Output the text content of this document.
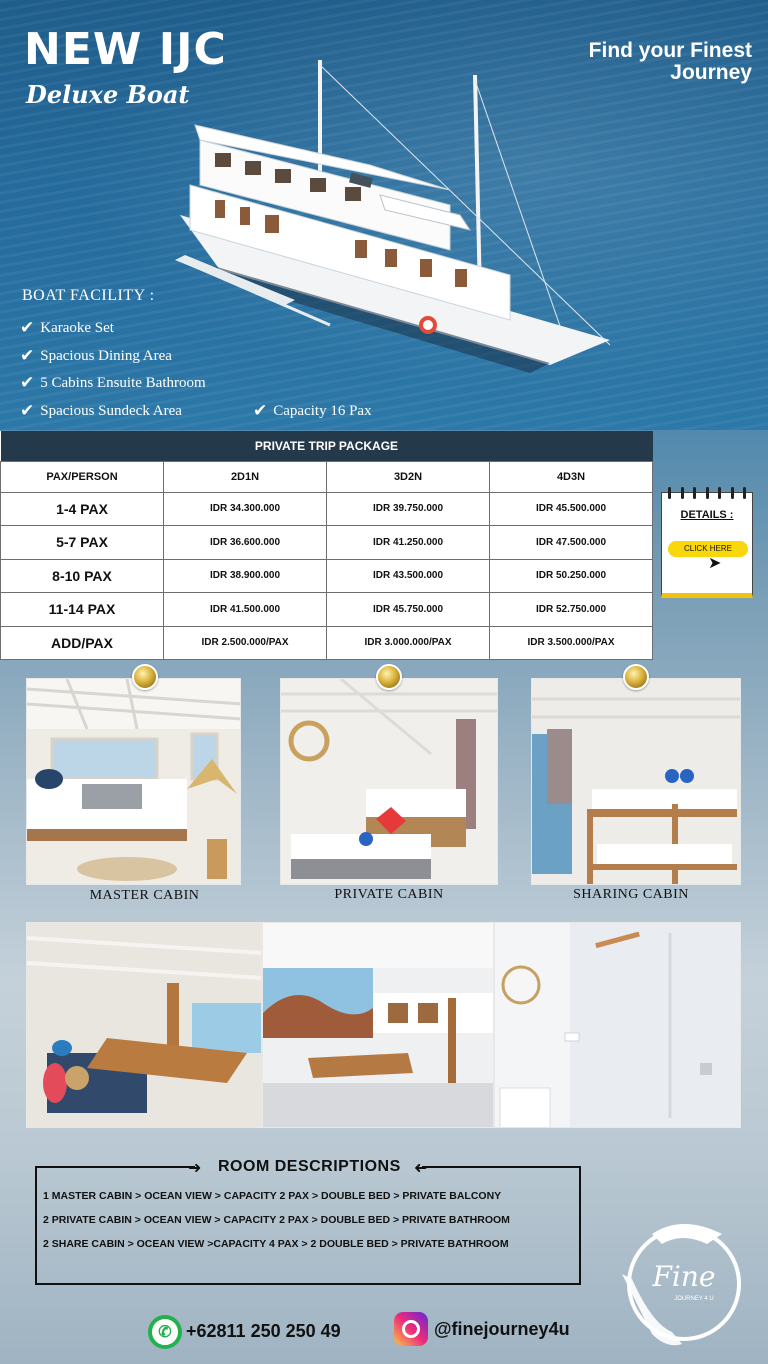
NEW IJC
Deluxe Boat
Find your Finest
Journey
BOAT FACILITY :
✔ Karaoke Set
✔ Spacious Dining Area
✔ 5 Cabins Ensuite Bathroom
✔ Spacious Sundeck Area	✔ Capacity 16 Pax
PRIVATE TRIP PACKAGE			
PAX/PERSON	2D1N	3D2N	4D3N
1-4 PAX	IDR 34.300.000	IDR 39.750.000	IDR 45.500.000
5-7 PAX	IDR 36.600.000	IDR 41.250.000	IDR 47.500.000
8-10 PAX	IDR 38.900.000	IDR 43.500.000	IDR 50.250.000
11-14 PAX	IDR 41.500.000	IDR 45.750.000	IDR 52.750.000
ADD/PAX	IDR 2.500.000/PAX	IDR 3.000.000/PAX	IDR 3.500.000/PAX
DETAILS :
CLICK HERE
➤
MASTER CABIN	PRIVATE CABIN	SHARING CABIN
➜ ROOM DESCRIPTIONS ➜
1 MASTER CABIN > OCEAN VIEW > CAPACITY 2 PAX > DOUBLE BED > PRIVATE BALCONY
2 PRIVATE CABIN > OCEAN VIEW > CAPACITY 2 PAX > DOUBLE BED > PRIVATE BATHROOM
2 SHARE CABIN > OCEAN VIEW >CAPACITY 4 PAX > 2 DOUBLE BED > PRIVATE BATHROOM
✆ +62811 250 250 49	@finejourney4u
Fine
JOURNEY 4 U
